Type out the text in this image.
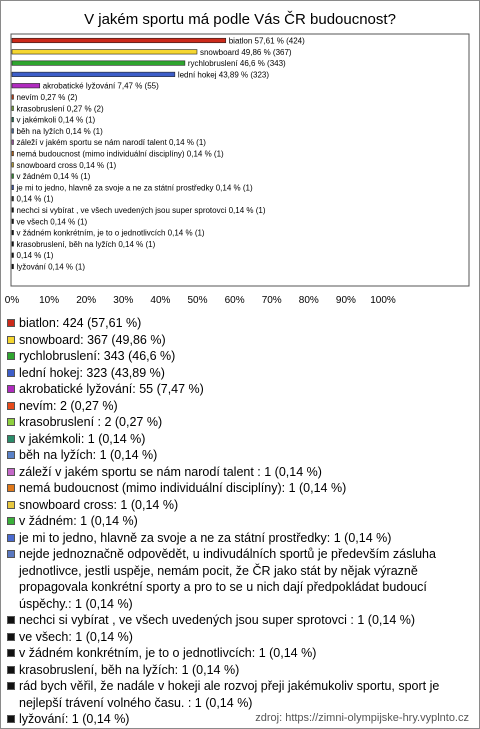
V jakém sportu má podle Vás ČR budoucnost?
biatlon 57,61 % (424)
snowboard 49,86 % (367)
rychlobruslení 46,6 % (343)
lední hokej 43,89 % (323)
akrobatické lyžování 7,47 % (55)
nevím 0,27 % (2)
krasobruslení 0,27 % (2)
v jakémkoli 0,14 % (1)
běh na lyžích 0,14 % (1)
záleží v jakém sportu se nám narodí talent 0,14 % (1)
nemá budoucnost (mimo individuální disciplíny) 0,14 % (1)
snowboard cross 0,14 % (1)
v žádném 0,14 % (1)
je mi to jedno, hlavně za svoje a ne za státní prostředky 0,14 % (1)
0,14 % (1)
nechci si vybírat , ve všech uvedených jsou super sprotovci 0,14 % (1)
ve všech 0,14 % (1)
v žádném konkrétním, je to o jednotlivcích 0,14 % (1)
krasobruslení, běh na lyžích 0,14 % (1)
0,14 % (1)
lyžování 0,14 % (1)
0% 10% 20% 30% 40% 50% 60% 70% 80% 90% 100%
biatlon: 424 (57,61 %)
snowboard: 367 (49,86 %)
rychlobruslení: 343 (46,6 %)
lední hokej: 323 (43,89 %)
akrobatické lyžování: 55 (7,47 %)
nevím: 2 (0,27 %)
krasobruslení : 2 (0,27 %)
v jakémkoli: 1 (0,14 %)
běh na lyžích: 1 (0,14 %)
záleží v jakém sportu se nám narodí talent : 1 (0,14 %)
nemá budoucnost (mimo individuální disciplíny): 1 (0,14 %)
snowboard cross: 1 (0,14 %)
v žádném: 1 (0,14 %)
je mi to jedno, hlavně za svoje a ne za státní prostředky: 1 (0,14 %)
nejde jednoznačně odpovědět, u indivudálních sportů je především zásluha jednotlivce, jestli uspěje, nemám pocit, že ČR jako stát by nějak výrazně propagovala konkrétní sporty a pro to se u nich dají předpokládat budoucí úspěchy.: 1 (0,14 %)
nechci si vybírat , ve všech uvedených jsou super sprotovci : 1 (0,14 %)
ve všech: 1 (0,14 %)
v žádném konkrétním, je to o jednotlivcích: 1 (0,14 %)
krasobruslení, běh na lyžích: 1 (0,14 %)
rád bych věřil, že nadále v hokeji ale rozvoj přeji jakémukoliv sportu, sport je nejlepší trávení volného času. : 1 (0,14 %)
lyžování: 1 (0,14 %)	zdroj: https://zimni-olympijske-hry.vyplnto.cz
